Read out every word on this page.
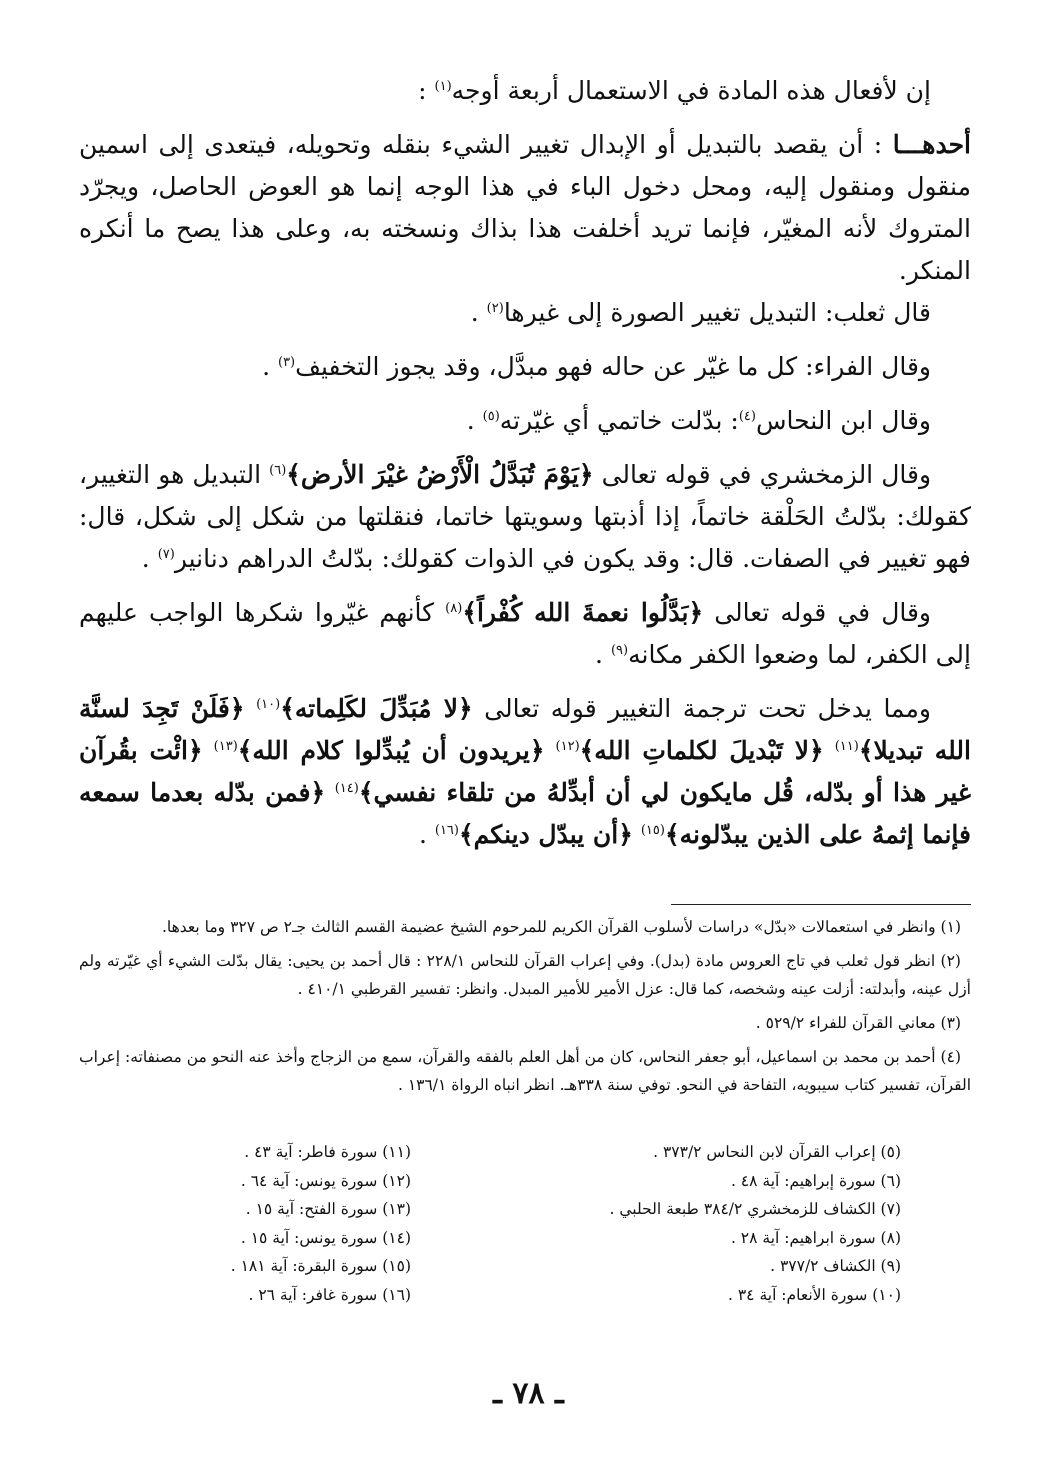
إن لأفعال هذه المادة في الاستعمال أربعة أوجه$^{(١)}$ :

أحدهـــا : أن يقصد بالتبديل أو الإبدال تغيير الشيء بنقله وتحويله، فيتعدى إلى اسمين منقول ومنقول إليه، ومحل دخول الباء في هذا الوجه إنما هو العوض الحاصل، ويجرّد المتروك لأنه المغيّر، فإنما تريد أخلفت هذا بذاك ونسخته به، وعلى هذا يصح ما أنكره المنكر.

قال ثعلب: التبديل تغيير الصورة إلى غيرها$^{(٢)}$ .

وقال الفراء: كل ما غيّر عن حاله فهو مبدَّل، وقد يجوز التخفيف$^{(٣)}$ .

وقال ابن النحاس$^{(٤)}$: بدّلت خاتمي أي غيّرته$^{(٥)}$ .

وقال الزمخشري في قوله تعالى ﴿يَوْمَ تُبَدَّلُ الْأَرْضُ غيْرَ الأرض﴾$^{(٦)}$ التبديل هو التغيير، كقولك: بدّلتُ الحَلْقة خاتماً، إذا أذبتها وسويتها خاتما، فنقلتها من شكل إلى شكل، قال: فهو تغيير في الصفات. قال: وقد يكون في الذوات كقولك: بدّلتُ الدراهم دنانير$^{(٧)}$ .

وقال في قوله تعالى ﴿بَدَّلُوا نعمةَ الله كُفْراً﴾$^{(٨)}$ كأنهم غيّروا شكرها الواجب عليهم إلى الكفر، لما وضعوا الكفر مكانه$^{(٩)}$ .

ومما يدخل تحت ترجمة التغيير قوله تعالى ﴿لا مُبَدِّلَ لكَلِماته﴾$^{(١٠)}$ ﴿فَلَنْ تَجِدَ لسنَّة الله تبديلا﴾$^{(١١)}$ ﴿لا تَبْديلَ لكلماتِ الله﴾$^{(١٢)}$ ﴿يريدون أن يُبدِّلوا كلام الله﴾$^{(١٣)}$ ﴿ائْت بقُرآن غير هذا أو بدّله، قُل مايكون لي أن أبدِّلهُ من تلقاء نفسي﴾$^{(١٤)}$ ﴿فمن بدّله بعدما سمعه فإنما إثمهُ على الذين يبدّلونه﴾$^{(١٥)}$ ﴿أن يبدّل دينكم﴾$^{(١٦)}$ .

(١) وانظر في استعمالات «بدّل» دراسات لأسلوب القرآن الكريم للمرحوم الشيخ عضيمة القسم الثالث جـ٢ ص ٣٢٧ وما بعدها.

(٢) انظر قول ثعلب في تاج العروس مادة (بدل). وفي إعراب القرآن للنحاس ٢٢٨/١ : قال أحمد بن يحيى: يقال بدّلت الشيء أي غيّرته ولم أزل عينه، وأبدلته: أزلت عينه وشخصه، كما قال: عزل الأمير للأمير المبدل. وانظر: تفسير القرطبي ٤١٠/١ .

(٣) معاني القرآن للفراء ٥٢٩/٢ .

(٤) أحمد بن محمد بن اسماعيل، أبو جعفر النحاس، كان من أهل العلم بالفقه والقرآن، سمع من الزجاج وأخذ عنه النحو من مصنفاته: إعراب القرآن، تفسير كتاب سيبويه، التفاحة في النحو. توفي سنة ٣٣٨هـ. انظر انباه الرواة ١٣٦/١ .

(٥) إعراب القرآن لابن النحاس ٣٧٣/٢ .

(٦) سورة إبراهيم: آية ٤٨ .

(٧) الكشاف للزمخشري ٣٨٤/٢ طبعة الحلبي .

(٨) سورة ابراهيم: آية ٢٨ .

(٩) الكشاف ٣٧٧/٢ .

(١٠) سورة الأنعام: آية ٣٤ .

(١١) سورة فاطر: آية ٤٣ .

(١٢) سورة يونس: آية ٦٤ .

(١٣) سورة الفتح: آية ١٥ .

(١٤) سورة يونس: آية ١٥ .

(١٥) سورة البقرة: آية ١٨١ .

(١٦) سورة غافر: آية ٢٦ .

ـ ٧٨ ـ
